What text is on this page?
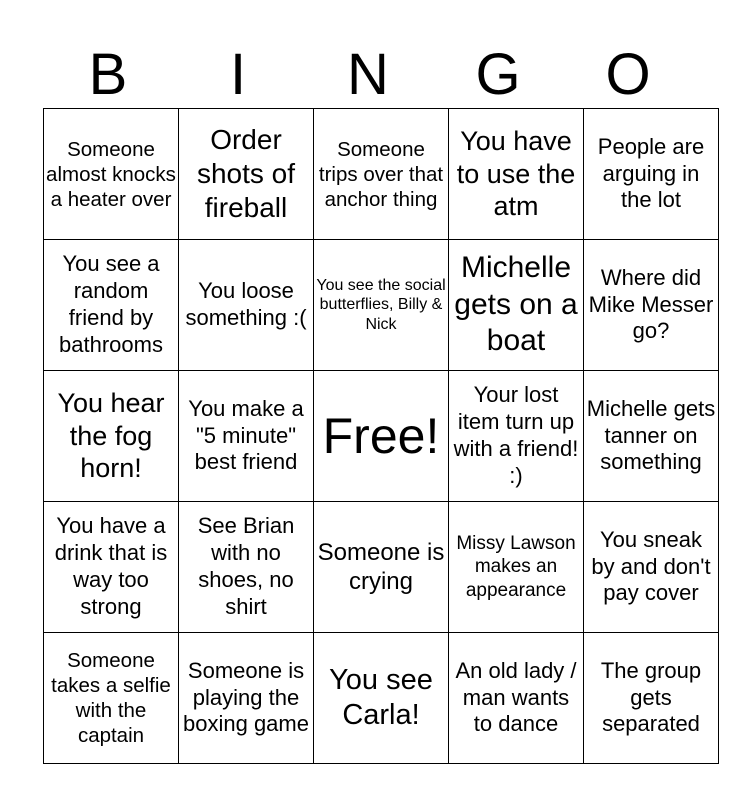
B	I	N	G	O
Someone almost knocks a heater over	Order shots of fireball	Someone trips over that anchor thing	You have to use the atm	People are arguing in the lot
You see a random friend by bathrooms	You loose something :(	You see the social butterflies, Billy & Nick	Michelle gets on a boat	Where did Mike Messer go?
You hear the fog horn!	You make a "5 minute" best friend	Free!	Your lost item turn up with a friend! :)	Michelle gets tanner on something
You have a drink that is way too strong	See Brian with no shoes, no shirt	Someone is crying	Missy Lawson makes an appearance	You sneak by and don't pay cover
Someone takes a selfie with the captain	Someone is playing the boxing game	You see Carla!	An old lady / man wants to dance	The group gets separated
